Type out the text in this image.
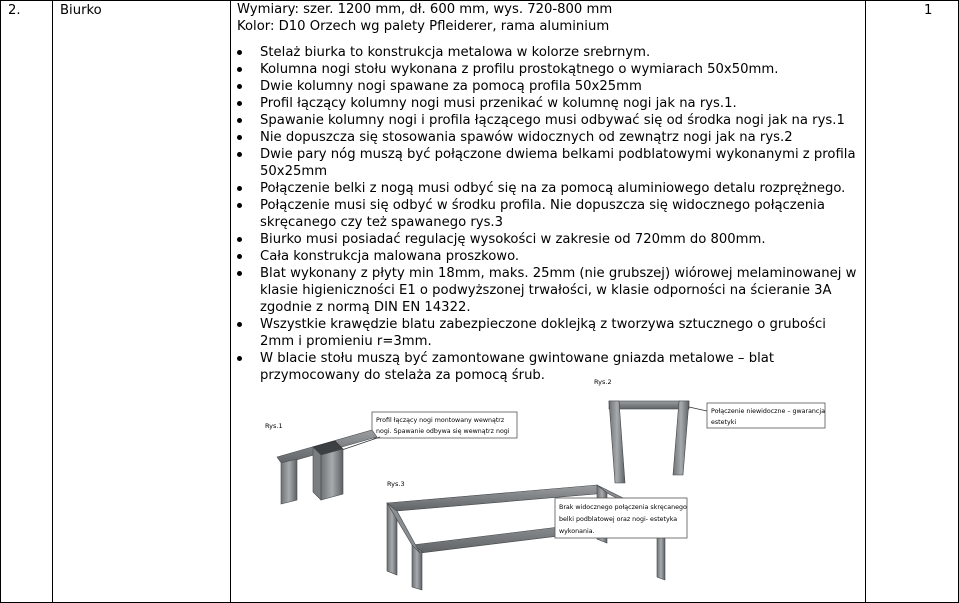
2.	Biurko	1

Wymiary: szer. 1200 mm, dł. 600 mm, wys. 720-800 mm

Kolor: D10 Orzech wg palety Pfleiderer, rama aluminium

Stelaż biurka to konstrukcja metalowa w kolorze srebrnym.
Kolumna nogi stołu wykonana z profilu prostokątnego o wymiarach 50x50mm.
Dwie kolumny nogi spawane za pomocą profila 50x25mm
Profil łączący kolumny nogi musi przenikać w kolumnę nogi jak na rys.1.
Spawanie kolumny nogi i profila łączącego musi odbywać się od środka nogi jak na rys.1
Nie dopuszcza się stosowania spawów widocznych od zewnątrz nogi jak na rys.2
Dwie pary nóg muszą być połączone dwiema belkami podblatowymi wykonanymi z profila 50x25mm
Połączenie belki z nogą musi odbyć się na za pomocą aluminiowego detalu rozprężnego.
Połączenie musi się odbyć w środku profila. Nie dopuszcza się widocznego połączenia skręcanego czy też spawanego rys.3
Biurko musi posiadać regulację wysokości w zakresie od 720mm do 800mm.
Cała konstrukcja malowana proszkowo.
Blat wykonany z płyty min 18mm, maks. 25mm (nie grubszej) wiórowej melaminowanej w klasie higieniczności E1 o podwyższonej trwałości, w klasie odporności na ścieranie 3A zgodnie z normą DIN EN 14322.
Wszystkie krawędzie blatu zabezpieczone doklejką z tworzywa sztucznego o grubości 2mm i promieniu r=3mm.
W blacie stołu muszą być zamontowane gwintowane gniazda metalowe – blat przymocowany do stelaża za pomocą śrub.
Rys.1
Profil łączący nogi montowany wewnątrz
nogi. Spawanie odbywa się wewnątrz nogi
Rys.2
Połączenie niewidoczne – gwarancja
estetyki
Rys.3
Brak widocznego połączenia skręcanego
belki podblatowej oraz nogi- estetyka
wykonania.
